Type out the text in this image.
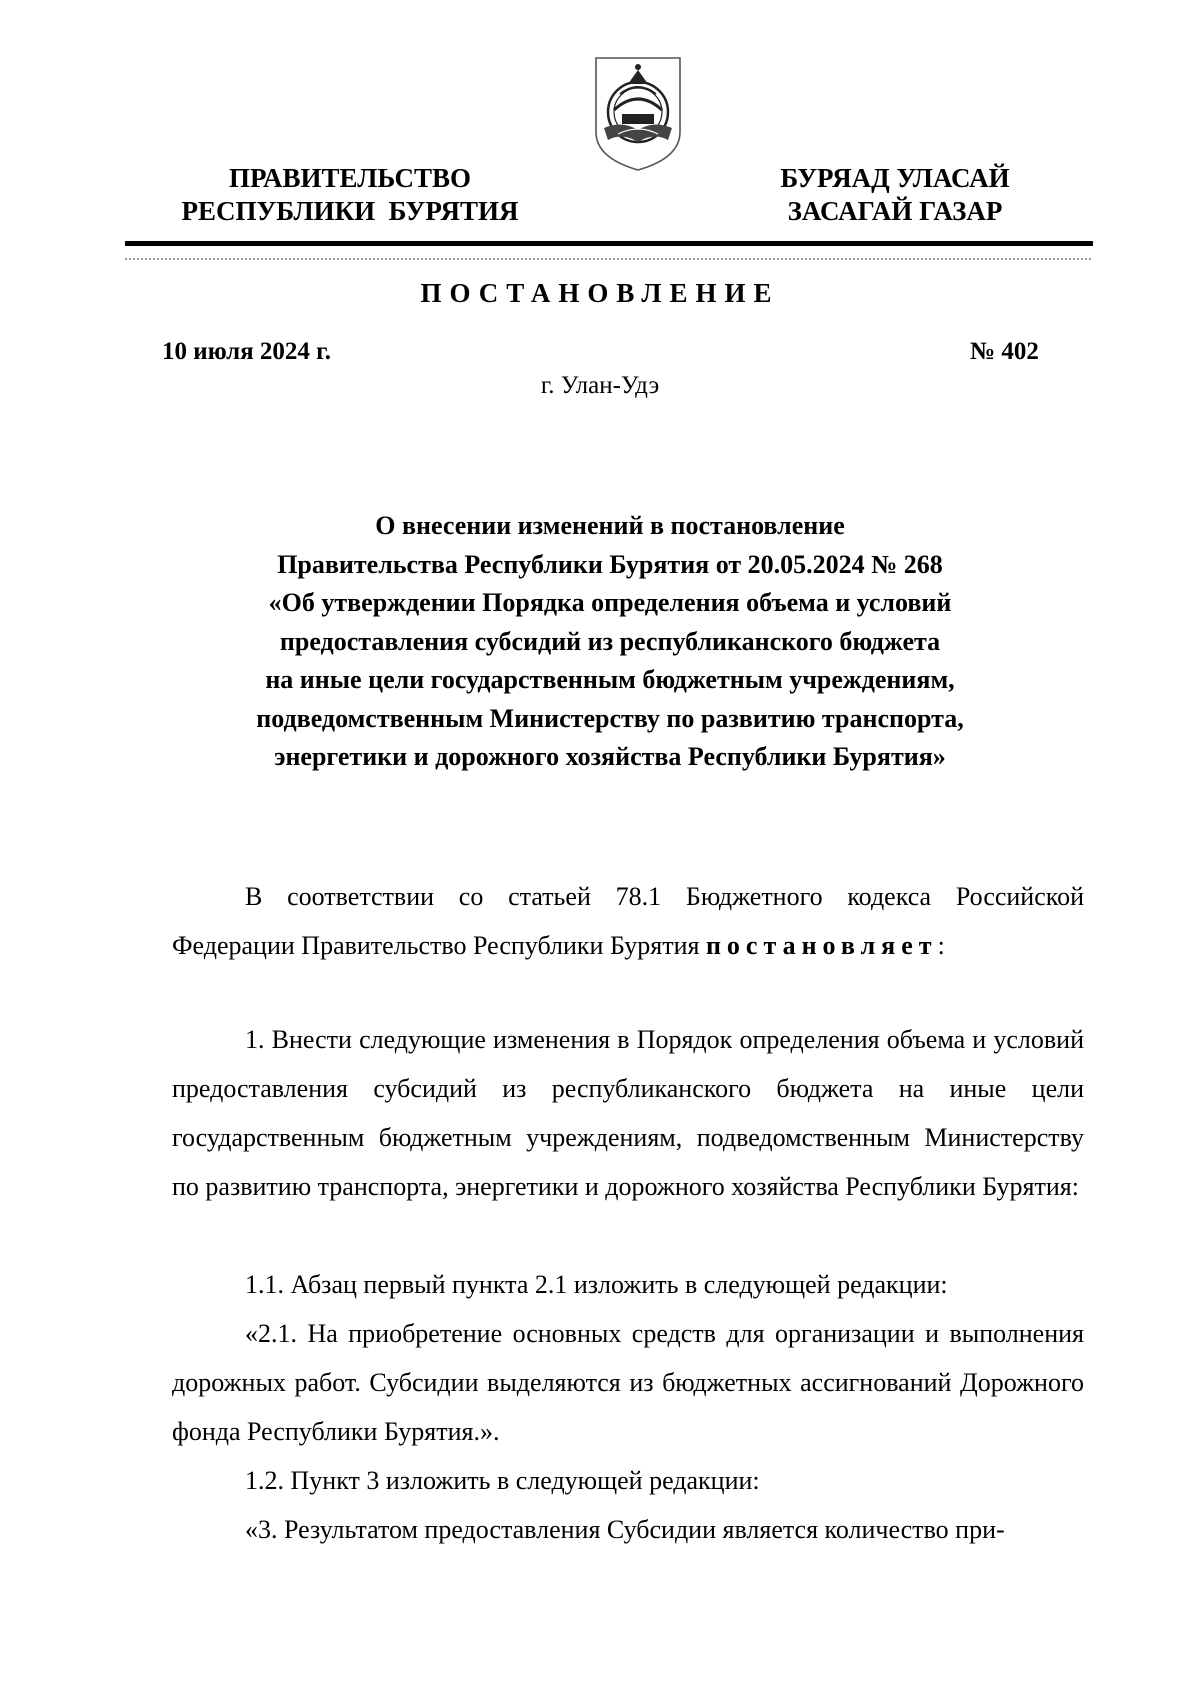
ПРАВИТЕЛЬСТВО
РЕСПУБЛИКИ  БУРЯТИЯ
БУРЯАД УЛАСАЙ
ЗАСАГАЙ ГАЗАР
ПОСТАНОВЛЕНИЕ
10 июля 2024 г.	№ 402
г. Улан-Удэ
О внесении изменений в постановление
Правительства Республики Бурятия от 20.05.2024 № 268
«Об утверждении Порядка определения объема и условий
предоставления субсидий из республиканского бюджета
на иные цели государственным бюджетным учреждениям,
подведомственным Министерству по развитию транспорта,
энергетики и дорожного хозяйства Республики Бурятия»

В соответствии со статьей 78.1 Бюджетного кодекса Российской Федерации Правительство Республики Бурятия постановляет:

1. Внести следующие изменения в Порядок определения объема и условий предоставления субсидий из республиканского бюджета на иные цели государственным бюджетным учреждениям, подведомственным Министерству по развитию транспорта, энергетики и дорожного хозяйства Республики Бурятия:

1.1. Абзац первый пункта 2.1 изложить в следующей редакции:

«2.1. На приобретение основных средств для организации и выполнения дорожных работ. Субсидии выделяются из бюджетных ассигнований Дорожного фонда Республики Бурятия.».

1.2. Пункт 3 изложить в следующей редакции:

«3. Результатом предоставления Субсидии является количество при-
